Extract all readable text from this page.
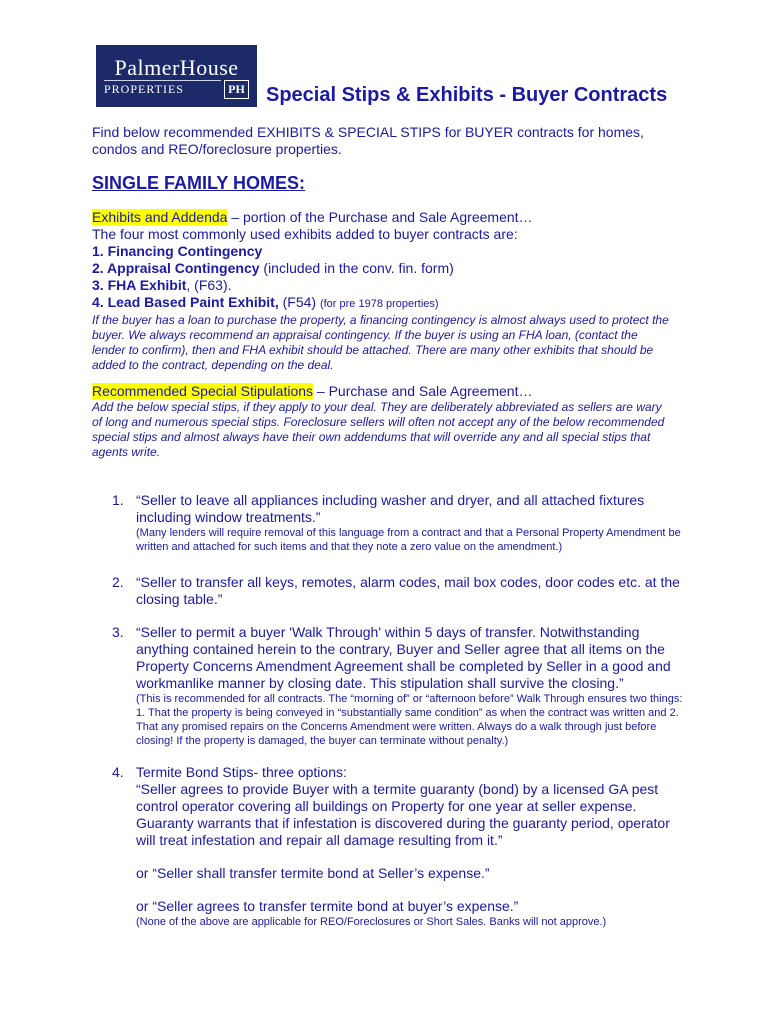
PalmerHouse
PROPERTIES	PH Special Stips & Exhibits - Buyer Contracts
Find below recommended EXHIBITS & SPECIAL STIPS for BUYER contracts for homes, condos and REO/foreclosure properties.
SINGLE FAMILY HOMES:
Exhibits and Addenda – portion of the Purchase and Sale Agreement…
The four most commonly used exhibits added to buyer contracts are:
1. Financing Contingency
2. Appraisal Contingency (included in the conv. fin. form)
3. FHA Exhibit, (F63).
4. Lead Based Paint Exhibit, (F54) (for pre 1978 properties)
If the buyer has a loan to purchase the property, a financing contingency is almost always used to protect the buyer. We always recommend an appraisal contingency. If the buyer is using an FHA loan, (contact the lender to confirm), then and FHA exhibit should be attached. There are many other exhibits that should be added to the contract, depending on the deal.
Recommended Special Stipulations – Purchase and Sale Agreement…
Add the below special stips, if they apply to your deal. They are deliberately abbreviated as sellers are wary of long and numerous special stips. Foreclosure sellers will often not accept any of the below recommended special stips and almost always have their own addendums that will override any and all special stips that agents write.
1. “Seller to leave all appliances including washer and dryer, and all attached fixtures including window treatments.”
(Many lenders will require removal of this language from a contract and that a Personal Property Amendment be written and attached for such items and that they note a zero value on the amendment.)
2. “Seller to transfer all keys, remotes, alarm codes, mail box codes, door codes etc. at the closing table.”
3. “Seller to permit a buyer 'Walk Through' within 5 days of transfer. Notwithstanding anything contained herein to the contrary, Buyer and Seller agree that all items on the Property Concerns Amendment Agreement shall be completed by Seller in a good and workmanlike manner by closing date. This stipulation shall survive the closing.”
(This is recommended for all contracts. The “morning of” or “afternoon before” Walk Through ensures two things: 1. That the property is being conveyed in “substantially same condition” as when the contract was written and 2. That any promised repairs on the Concerns Amendment were written. Always do a walk through just before closing! If the property is damaged, the buyer can terminate without penalty.)
4. Termite Bond Stips- three options:
“Seller agrees to provide Buyer with a termite guaranty (bond) by a licensed GA pest control operator covering all buildings on Property for one year at seller expense. Guaranty warrants that if infestation is discovered during the guaranty period, operator will treat infestation and repair all damage resulting from it.”
or “Seller shall transfer termite bond at Seller’s expense.”
or “Seller agrees to transfer termite bond at buyer’s expense.”
(None of the above are applicable for REO/Foreclosures or Short Sales. Banks will not approve.)
